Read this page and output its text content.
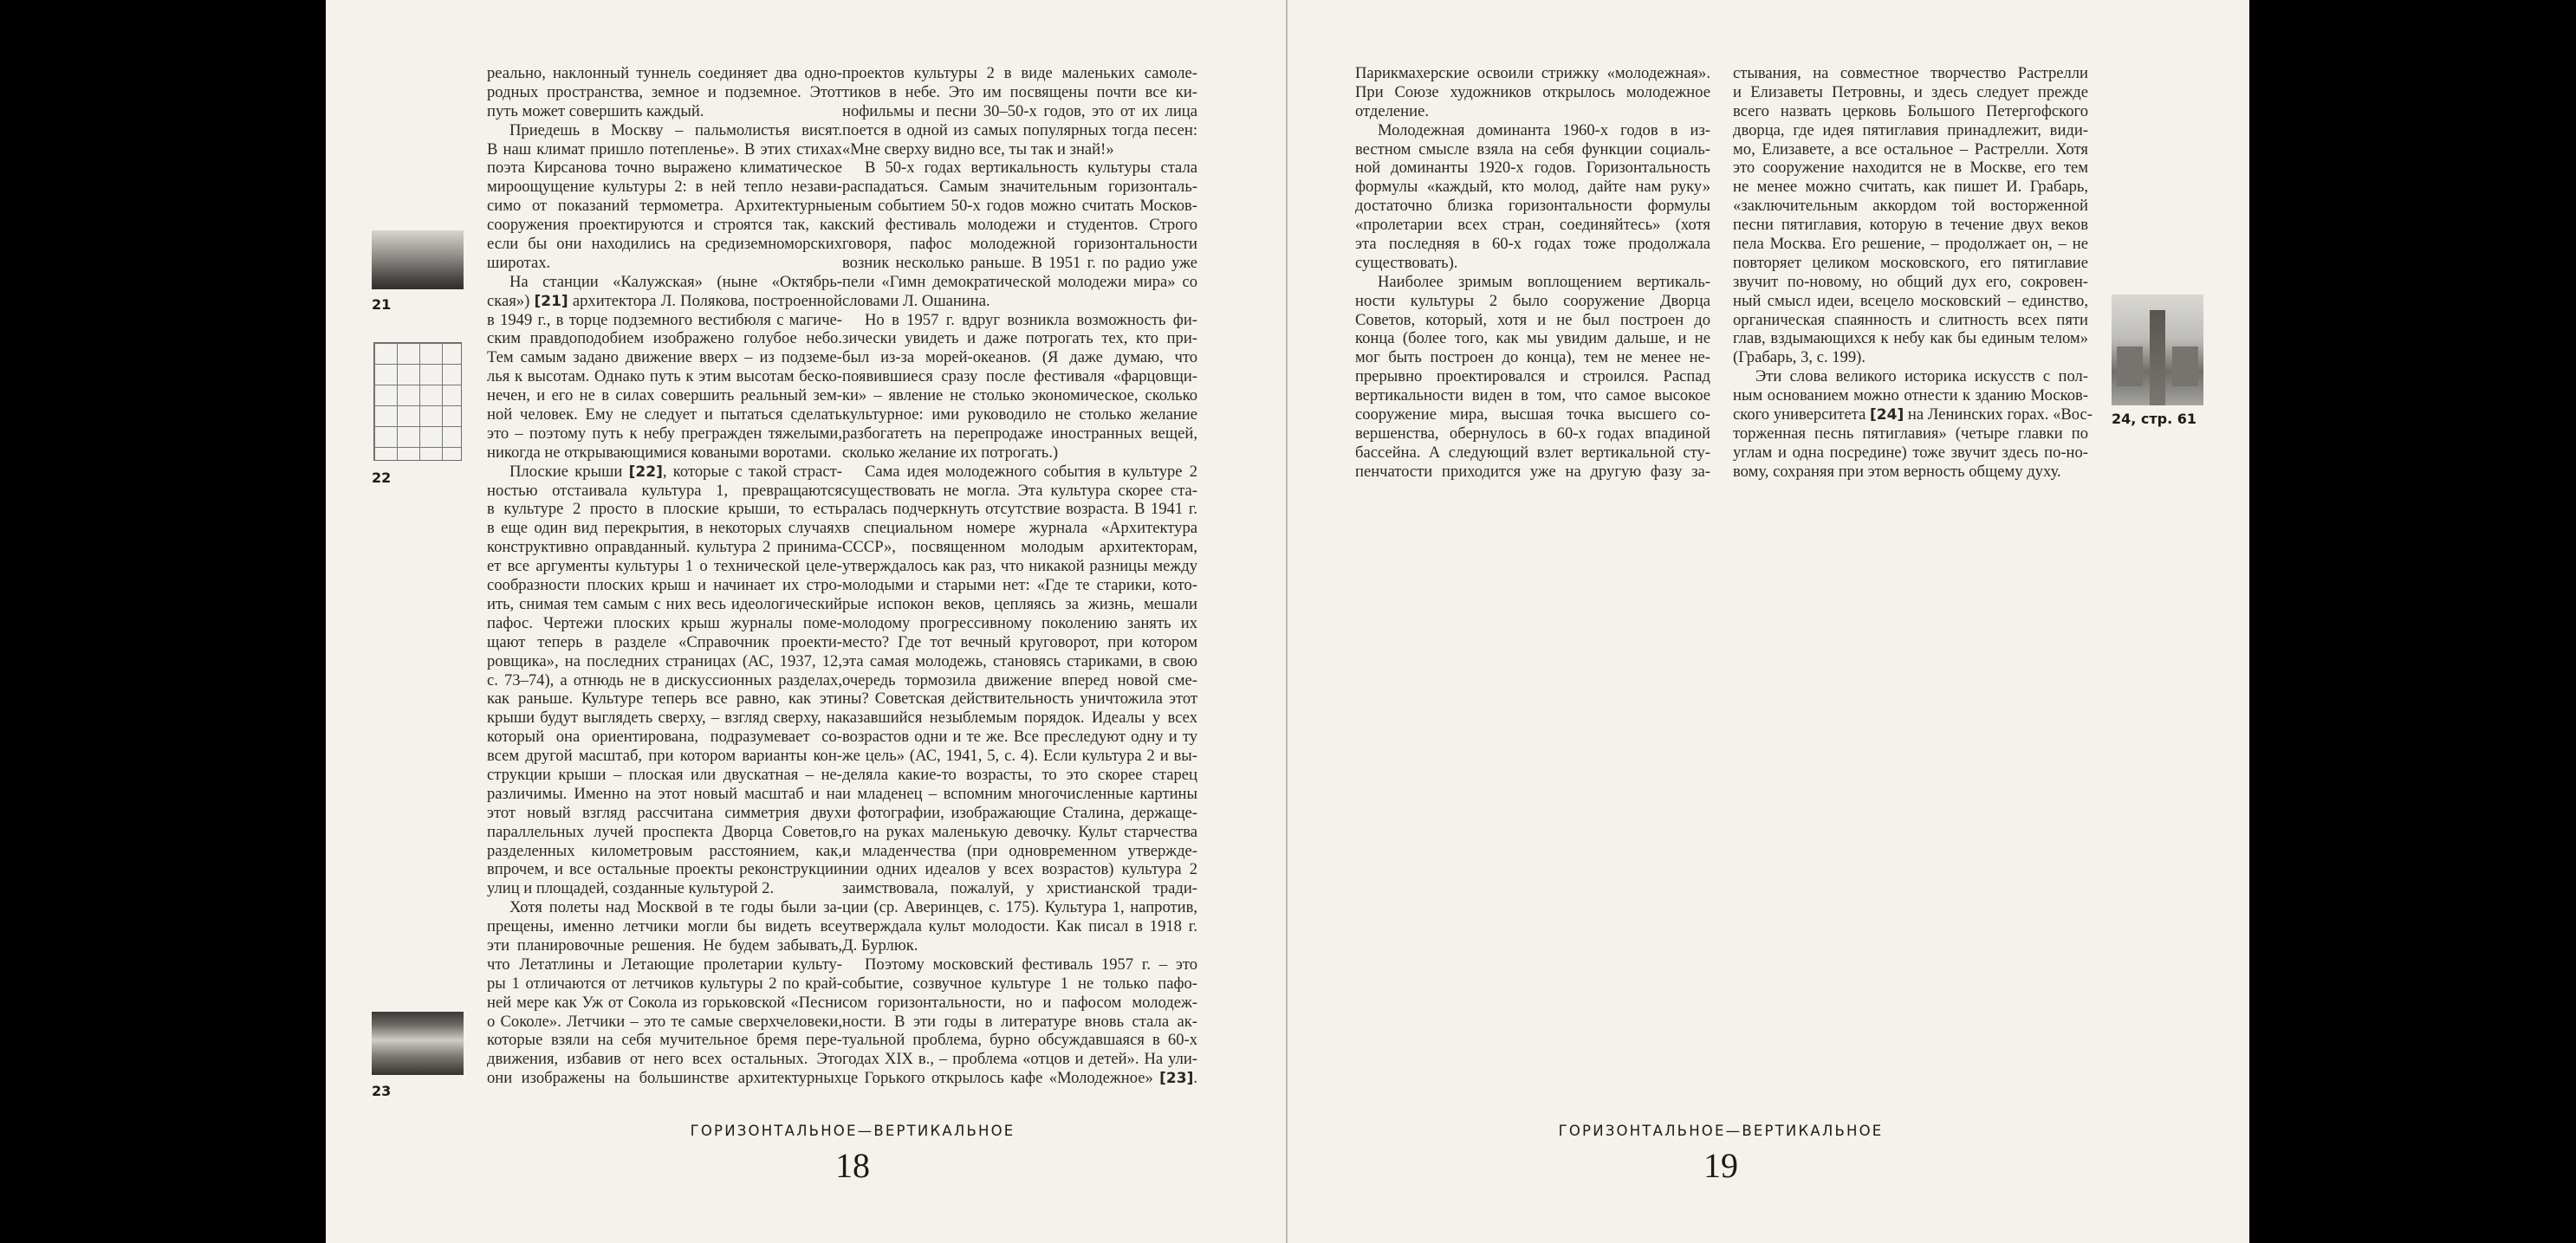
21
22
23
реально, наклонный туннель соединяет два одно-
родных пространства, земное и подземное. Этот
путь может совершить каждый.
Приедешь в Москву – пальмолистья висят.
В наш климат пришло потепленье». В этих стихах
поэта Кирсанова точно выражено климатическое
мироощущение культуры 2: в ней тепло незави-
симо от показаний термометра. Архитектурные
сооружения проектируются и строятся так, как
если бы они находились на средиземноморских
широтах.
На станции «Калужская» (ныне «Октябрь-
ская») [21] архитектора Л. Полякова, построенной
в 1949 г., в торце подземного вестибюля с магиче-
ским правдоподобием изображено голубое небо.
Тем самым задано движение вверх – из подземе-
лья к высотам. Однако путь к этим высотам беско-
нечен, и его не в силах совершить реальный зем-
ной человек. Ему не следует и пытаться сделать
это – поэтому путь к небу прегражден тяжелыми,
никогда не открывающимися коваными воротами.
Плоские крыши [22], которые с такой страст-
ностью отстаивала культура 1, превращаются
в культуре 2 просто в плоские крыши, то есть
в еще один вид перекрытия, в некоторых случаях
конструктивно оправданный. культура 2 принима-
ет все аргументы культуры 1 о технической целе-
сообразности плоских крыш и начинает их стро-
ить, снимая тем самым с них весь идеологический
пафос. Чертежи плоских крыш журналы поме-
щают теперь в разделе «Справочник проекти-
ровщика», на последних страницах (АС, 1937, 12,
с. 73–74), а отнюдь не в дискуссионных разделах,
как раньше. Культуре теперь все равно, как эти
крыши будут выглядеть сверху, – взгляд сверху, на
который она ориентирована, подразумевает со-
всем другой масштаб, при котором варианты кон-
струкции крыши – плоская или двускатная – не-
различимы. Именно на этот новый масштаб и на
этот новый взгляд рассчитана симметрия двух
параллельных лучей проспекта Дворца Советов,
разделенных километровым расстоянием, как,
впрочем, и все остальные проекты реконструкции
улиц и площадей, созданные культурой 2.
Хотя полеты над Москвой в те годы были за-
прещены, именно летчики могли бы видеть все
эти планировочные решения. Не будем забывать,
что Летатлины и Летающие пролетарии культу-
ры 1 отличаются от летчиков культуры 2 по край-
ней мере как Уж от Сокола из горьковской «Песни
о Соколе». Летчики – это те самые сверхчеловеки,
которые взяли на себя мучительное бремя пере-
движения, избавив от него всех остальных. Это
они изображены на большинстве архитектурных
проектов культуры 2 в виде маленьких самоле-
тиков в небе. Это им посвящены почти все ки-
нофильмы и песни 30–50-х годов, это от их лица
поется в одной из самых популярных тогда песен:
«Мне сверху видно все, ты так и знай!»
В 50-х годах вертикальность культуры стала
распадаться. Самым значительным горизонталь-
ным событием 50-х годов можно считать Москов-
ский фестиваль молодежи и студентов. Строго
говоря, пафос молодежной горизонтальности
возник несколько раньше. В 1951 г. по радио уже
пели «Гимн демократической молодежи мира» со
словами Л. Ошанина.
Но в 1957 г. вдруг возникла возможность фи-
зически увидеть и даже потрогать тех, кто при-
был из-за морей-океанов. (Я даже думаю, что
появившиеся сразу после фестиваля «фарцовщи-
ки» – явление не столько экономическое, сколько
культурное: ими руководило не столько желание
разбогатеть на перепродаже иностранных вещей,
сколько желание их потрогать.)
Сама идея молодежного события в культуре 2
существовать не могла. Эта культура скорее ста-
ралась подчеркнуть отсутствие возраста. В 1941 г.
в специальном номере журнала «Архитектура
СССР», посвященном молодым архитекторам,
утверждалось как раз, что никакой разницы между
молодыми и старыми нет: «Где те старики, кото-
рые испокон веков, цепляясь за жизнь, мешали
молодому прогрессивному поколению занять их
место? Где тот вечный круговорот, при котором
эта самая молодежь, становясь стариками, в свою
очередь тормозила движение вперед новой сме-
ны? Советская действительность уничтожила этот
казавшийся незыблемым порядок. Идеалы у всех
возрастов одни и те же. Все преследуют одну и ту
же цель» (АС, 1941, 5, с. 4). Если культура 2 и вы-
деляла какие-то возрасты, то это скорее старец
и младенец – вспомним многочисленные картины
и фотографии, изображающие Сталина, держаще-
го на руках маленькую девочку. Культ старчества
и младенчества (при одновременном утвержде-
нии одних идеалов у всех возрастов) культура 2
заимствовала, пожалуй, у христианской тради-
ции (ср. Аверинцев, с. 175). Культура 1, напротив,
утверждала культ молодости. Как писал в 1918 г.
Д. Бурлюк.
Поэтому московский фестиваль 1957 г. – это
событие, созвучное культуре 1 не только пафо-
сом горизонтальности, но и пафосом молодеж-
ности. В эти годы в литературе вновь стала ак-
туальной проблема, бурно обсуждавшаяся в 60-х
годах XIX в., – проблема «отцов и детей». На ули-
це Горького открылось кафе «Молодежное» [23].
ГОРИЗОНТАЛЬНОЕ—ВЕРТИКАЛЬНОЕ
18
Парикмахерские освоили стрижку «молодежная».
При Союзе художников открылось молодежное
отделение.
Молодежная доминанта 1960-х годов в из-
вестном смысле взяла на себя функции социаль-
ной доминанты 1920-х годов. Горизонтальность
формулы «каждый, кто молод, дайте нам руку»
достаточно близка горизонтальности формулы
«пролетарии всех стран, соединяйтесь» (хотя
эта последняя в 60-х годах тоже продолжала
существовать).
Наиболее зримым воплощением вертикаль-
ности культуры 2 было сооружение Дворца
Советов, который, хотя и не был построен до
конца (более того, как мы увидим дальше, и не
мог быть построен до конца), тем не менее не-
прерывно проектировался и строился. Распад
вертикальности виден в том, что самое высокое
сооружение мира, высшая точка высшего со-
вершенства, обернулось в 60-х годах впадиной
бассейна. А следующий взлет вертикальной сту-
пенчатости приходится уже на другую фазу за-
стывания, на совместное творчество Растрелли
и Елизаветы Петровны, и здесь следует прежде
всего назвать церковь Большого Петергофского
дворца, где идея пятиглавия принадлежит, види-
мо, Елизавете, а все остальное – Растрелли. Хотя
это сооружение находится не в Москве, его тем
не менее можно считать, как пишет И. Грабарь,
«заключительным аккордом той восторженной
песни пятиглавия, которую в течение двух веков
пела Москва. Его решение, – продолжает он, – не
повторяет целиком московского, его пятиглавие
звучит по-новому, но общий дух его, сокровен-
ный смысл идеи, всецело московский – единство,
органическая спаянность и слитность всех пяти
глав, вздымающихся к небу как бы единым телом»
(Грабарь, 3, с. 199).
Эти слова великого историка искусств с пол-
ным основанием можно отнести к зданию Москов-
ского университета [24] на Ленинских горах. «Вос-
торженная песнь пятиглавия» (четыре главки по
углам и одна посредине) тоже звучит здесь по-но-
вому, сохраняя при этом верность общему духу.
24, стр. 61
ГОРИЗОНТАЛЬНОЕ—ВЕРТИКАЛЬНОЕ
19
